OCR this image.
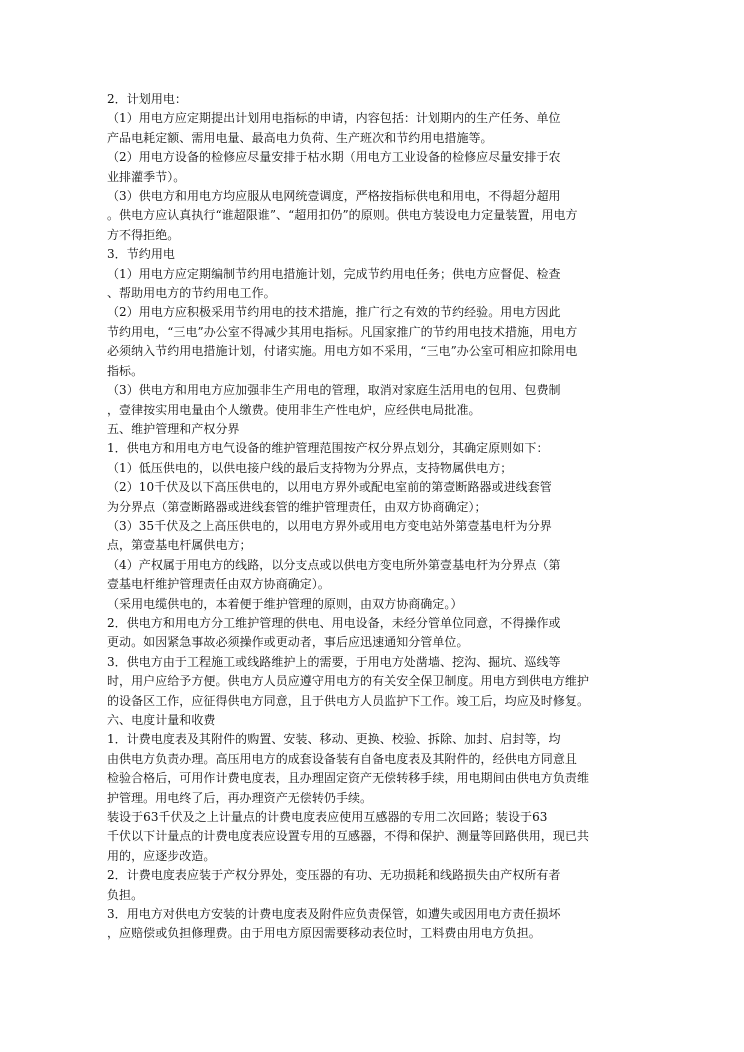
2．计划用电：
（1）用电方应定期提出计划用电指标的申请，内容包括：计划期内的生产任务、单位
产品电耗定额、需用电量、最高电力负荷、生产班次和节约用电措施等。
（2）用电方设备的检修应尽量安排于枯水期（用电方工业设备的检修应尽量安排于农
业排灌季节）。
（3）供电方和用电方均应服从电网统壹调度，严格按指标供电和用电，不得超分超用
。供电方应认真执行“谁超限谁”、“超用扣仍”的原则。供电方装设电力定量装置，用电方
方不得拒绝。
3．节约用电
（1）用电方应定期编制节约用电措施计划，完成节约用电任务；供电方应督促、检查
、帮助用电方的节约用电工作。
（2）用电方应积极采用节约用电的技术措施，推广行之有效的节约经验。用电方因此
节约用电，“三电”办公室不得减少其用电指标。凡国家推广的节约用电技术措施，用电方
必须纳入节约用电措施计划，付诸实施。用电方如不采用，“三电”办公室可相应扣除用电
指标。
（3）供电方和用电方应加强非生产用电的管理，取消对家庭生活用电的包用、包费制
，壹律按实用电量由个人缴费。使用非生产性电炉，应经供电局批准。
五、维护管理和产权分界
1．供电方和用电方电气设备的维护管理范围按产权分界点划分，其确定原则如下：
（1）低压供电的，以供电接户线的最后支持物为分界点，支持物属供电方；
（2）10千伏及以下高压供电的，以用电方界外或配电室前的第壹断路器或进线套管
为分界点（第壹断路器或进线套管的维护管理责任，由双方协商确定）；
（3）35千伏及之上高压供电的，以用电方界外或用电方变电站外第壹基电杆为分界
点，第壹基电杆属供电方；
（4）产权属于用电方的线路，以分支点或以供电方变电所外第壹基电杆为分界点（第
壹基电杆维护管理责任由双方协商确定）。
（采用电缆供电的，本着便于维护管理的原则，由双方协商确定。）
2．供电方和用电方分工维护管理的供电、用电设备，未经分管单位同意，不得操作或
更动。如因紧急事故必须操作或更动者，事后应迅速通知分管单位。
3．供电方由于工程施工或线路维护上的需要，于用电方处凿墙、挖沟、掘坑、巡线等
时，用户应给予方便。供电方人员应遵守用电方的有关安全保卫制度。用电方到供电方维护
的设备区工作，应征得供电方同意，且于供电方人员监护下工作。竣工后，均应及时修复。
六、电度计量和收费
1．计费电度表及其附件的购置、安装、移动、更换、校验、拆除、加封、启封等，均
由供电方负责办理。高压用电方的成套设备装有自备电度表及其附件的，经供电方同意且
检验合格后，可用作计费电度表，且办理固定资产无偿转移手续，用电期间由供电方负责维
护管理。用电终了后，再办理资产无偿转仍手续。
装设于63千伏及之上计量点的计费电度表应使用互感器的专用二次回路；装设于63
千伏以下计量点的计费电度表应设置专用的互感器，不得和保护、测量等回路供用，现已共
用的，应逐步改造。
2．计费电度表应装于产权分界处，变压器的有功、无功损耗和线路损失由产权所有者
负担。
3．用电方对供电方安装的计费电度表及附件应负责保管，如遭失或因用电方责任损坏
，应赔偿或负担修理费。由于用电方原因需要移动表位时，工料费由用电方负担。
